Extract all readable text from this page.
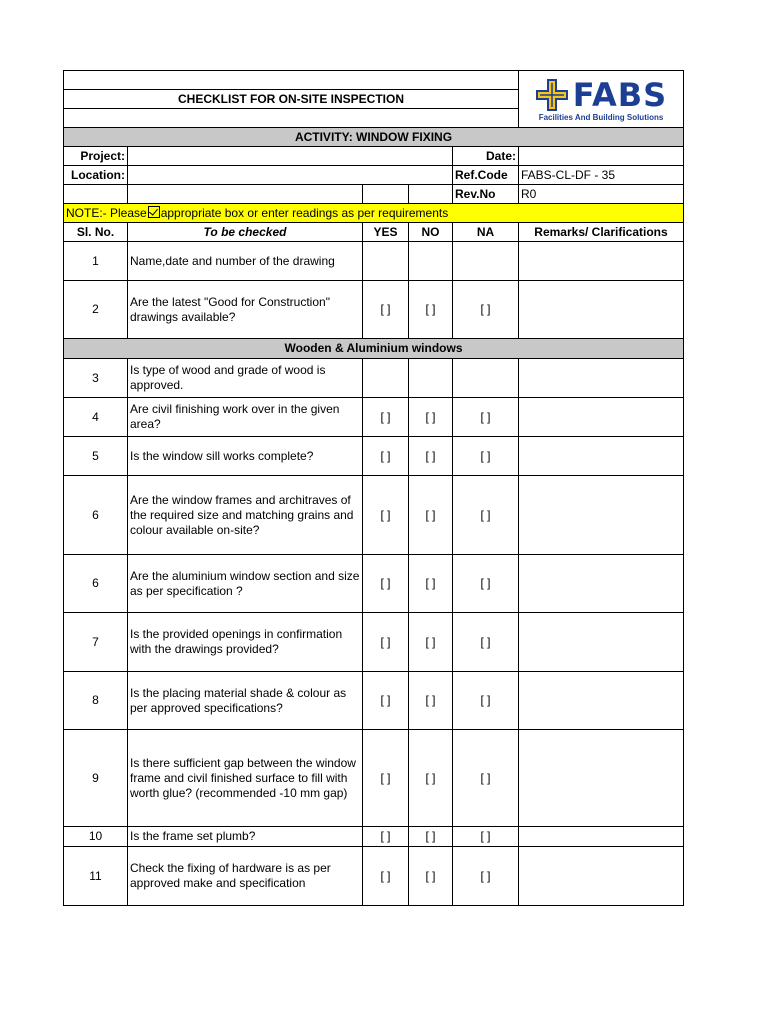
					FABS
Facilities And Building Solutions

CHECKLIST FOR ON-SITE INSPECTION					

ACTIVITY: WINDOW FIXING					
Project:				Date:	
Location:				Ref.Code	FABS-CL-DF - 35
				Rev.No	R0
NOTE:- Please appropriate box or enter readings as per requirements					
Sl. No.	To be checked	YES	NO	NA	Remarks/ Clarifications
1	Name,date and number of the drawing				
2	Are the latest "Good for Construction" drawings available?	[ ]	[ ]	[ ]	
Wooden & Aluminium windows					
3	Is type of wood and grade of wood is approved.				
4	Are civil finishing work over in the given area?	[ ]	[ ]	[ ]	
5	Is the window sill works complete?	[ ]	[ ]	[ ]	
6	Are the window frames and architraves of the required size and matching grains and colour available on-site?	[ ]	[ ]	[ ]	
6	Are the aluminium window section and size as per specification ?	[ ]	[ ]	[ ]	
7	Is the provided openings in confirmation with the drawings provided?	[ ]	[ ]	[ ]	
8	Is the placing material shade & colour as per approved specifications?	[ ]	[ ]	[ ]	
9	Is there sufficient gap between the window frame and civil finished surface to fill with worth glue? (recommended -10 mm gap)	[ ]	[ ]	[ ]	
10	Is the frame set plumb?	[ ]	[ ]	[ ]	
11	Check the fixing of hardware is as per approved make and specification	[ ]	[ ]	[ ]	
